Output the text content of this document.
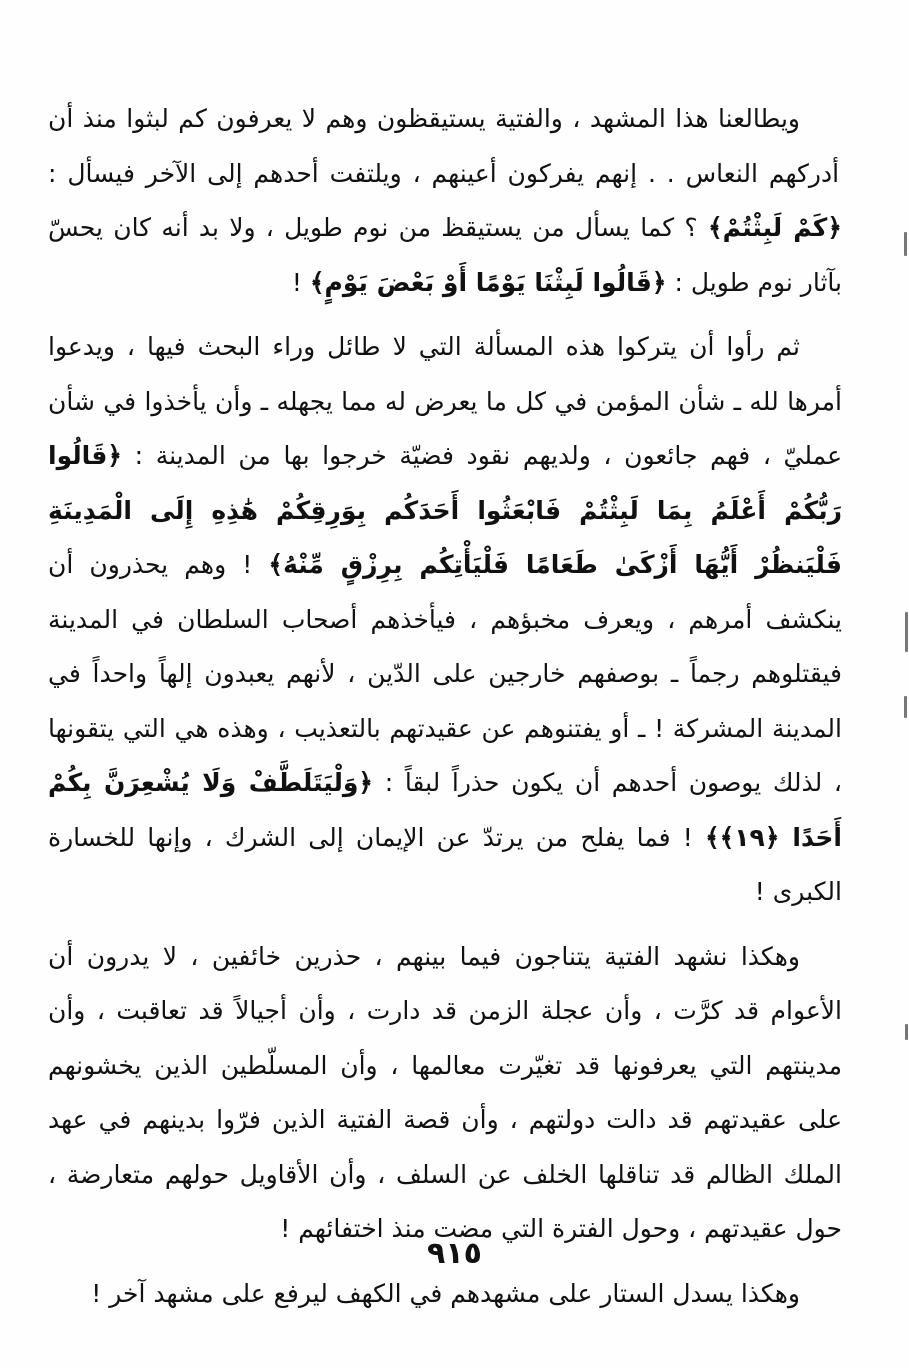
ويطالعنا هذا المشهد ، والفتية يستيقظون وهم لا يعرفون كم لبثوا منذ أن أدركهم النعاس . . إنهم يفركون أعينهم ، ويلتفت أحدهم إلى الآخر فيسأل : ﴿كَمْ لَبِثْتُمْ﴾ ؟ كما يسأل من يستيقظ من نوم طويل ، ولا بد أنه كان يحسّ بآثار نوم طويل : ﴿قَالُوا لَبِثْنَا يَوْمًا أَوْ بَعْضَ يَوْمٍ﴾ !

ثم رأوا أن يتركوا هذه المسألة التي لا طائل وراء البحث فيها ، ويدعوا أمرها لله ـ شأن المؤمن في كل ما يعرض له مما يجهله ـ وأن يأخذوا في شأن عمليّ ، فهم جائعون ، ولديهم نقود فضيّة خرجوا بها من المدينة : ﴿قَالُوا رَبُّكُمْ أَعْلَمُ بِمَا لَبِثْتُمْ فَابْعَثُوا أَحَدَكُم بِوَرِقِكُمْ هَٰذِهِ إِلَى الْمَدِينَةِ فَلْيَنظُرْ أَيُّهَا أَزْكَىٰ طَعَامًا فَلْيَأْتِكُم بِرِزْقٍ مِّنْهُ﴾ ! وهم يحذرون أن ينكشف أمرهم ، ويعرف مخبؤهم ، فيأخذهم أصحاب السلطان في المدينة فيقتلوهم رجماً ـ بوصفهم خارجين على الدّين ، لأنهم يعبدون إلهاً واحداً في المدينة المشركة ! ـ أو يفتنوهم عن عقيدتهم بالتعذيب ، وهذه هي التي يتقونها ، لذلك يوصون أحدهم أن يكون حذراً لبقاً : ﴿وَلْيَتَلَطَّفْ وَلَا يُشْعِرَنَّ بِكُمْ أَحَدًا ﴿١٩﴾﴾ ! فما يفلح من يرتدّ عن الإيمان إلى الشرك ، وإنها للخسارة الكبرى !

وهكذا نشهد الفتية يتناجون فيما بينهم ، حذرين خائفين ، لا يدرون أن الأعوام قد كرَّت ، وأن عجلة الزمن قد دارت ، وأن أجيالاً قد تعاقبت ، وأن مدينتهم التي يعرفونها قد تغيّرت معالمها ، وأن المسلّطين الذين يخشونهم على عقيدتهم قد دالت دولتهم ، وأن قصة الفتية الذين فرّوا بدينهم في عهد الملك الظالم قد تناقلها الخلف عن السلف ، وأن الأقاويل حولهم متعارضة ، حول عقيدتهم ، وحول الفترة التي مضت منذ اختفائهم !

وهكذا يسدل الستار على مشهدهم في الكهف ليرفع على مشهد آخر !

٩١٥
